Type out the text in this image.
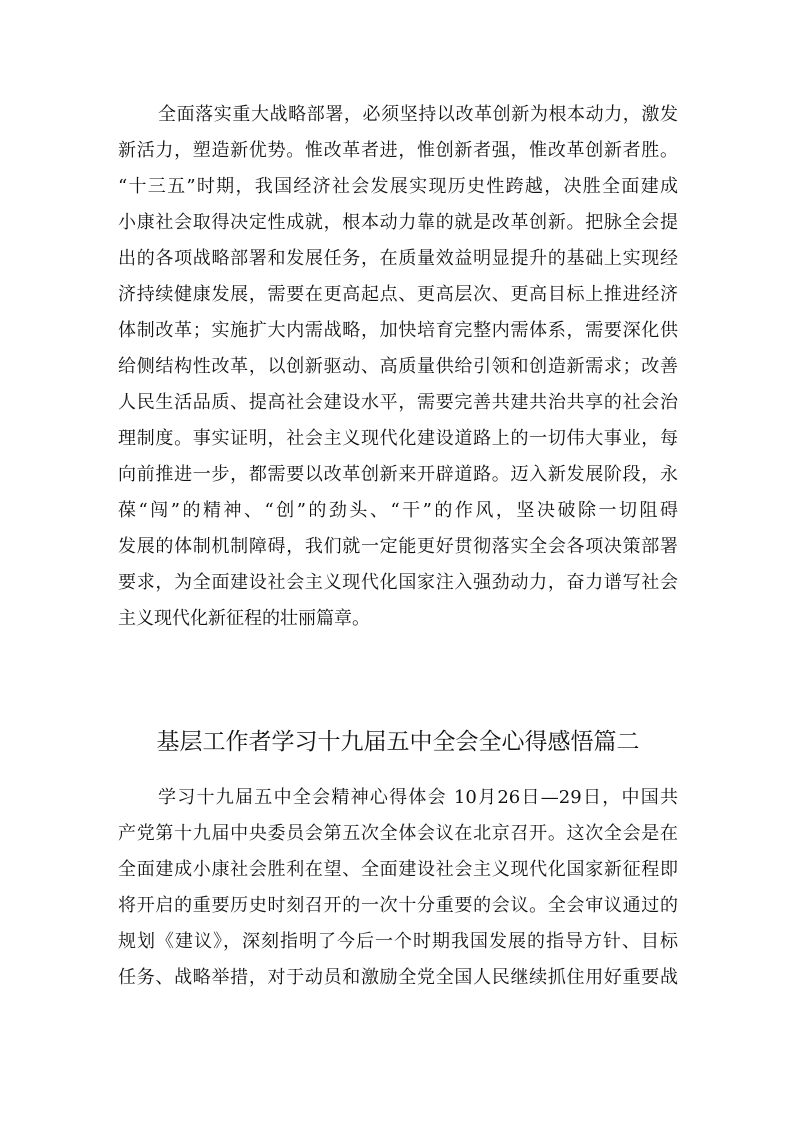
全面落实重大战略部署，必须坚持以改革创新为根本动力，激发
新活力，塑造新优势。惟改革者进，惟创新者强，惟改革创新者胜。
“十三五”时期，我国经济社会发展实现历史性跨越，决胜全面建成
小康社会取得决定性成就，根本动力靠的就是改革创新。把脉全会提
出的各项战略部署和发展任务，在质量效益明显提升的基础上实现经
济持续健康发展，需要在更高起点、更高层次、更高目标上推进经济
体制改革；实施扩大内需战略，加快培育完整内需体系，需要深化供
给侧结构性改革，以创新驱动、高质量供给引领和创造新需求；改善
人民生活品质、提高社会建设水平，需要完善共建共治共享的社会治
理制度。事实证明，社会主义现代化建设道路上的一切伟大事业，每
向前推进一步，都需要以改革创新来开辟道路。迈入新发展阶段，永
葆“闯”的精神、“创”的劲头、“干”的作风，坚决破除一切阻碍
发展的体制机制障碍，我们就一定能更好贯彻落实全会各项决策部署
要求，为全面建设社会主义现代化国家注入强劲动力，奋力谱写社会
主义现代化新征程的壮丽篇章。
基层工作者学习十九届五中全会全心得感悟篇二
学习十九届五中全会精神心得体会 10月26日—29日，中国共
产党第十九届中央委员会第五次全体会议在北京召开。这次全会是在
全面建成小康社会胜利在望、全面建设社会主义现代化国家新征程即
将开启的重要历史时刻召开的一次十分重要的会议。全会审议通过的
规划《建议》，深刻指明了今后一个时期我国发展的指导方针、目标
任务、战略举措，对于动员和激励全党全国人民继续抓住用好重要战
